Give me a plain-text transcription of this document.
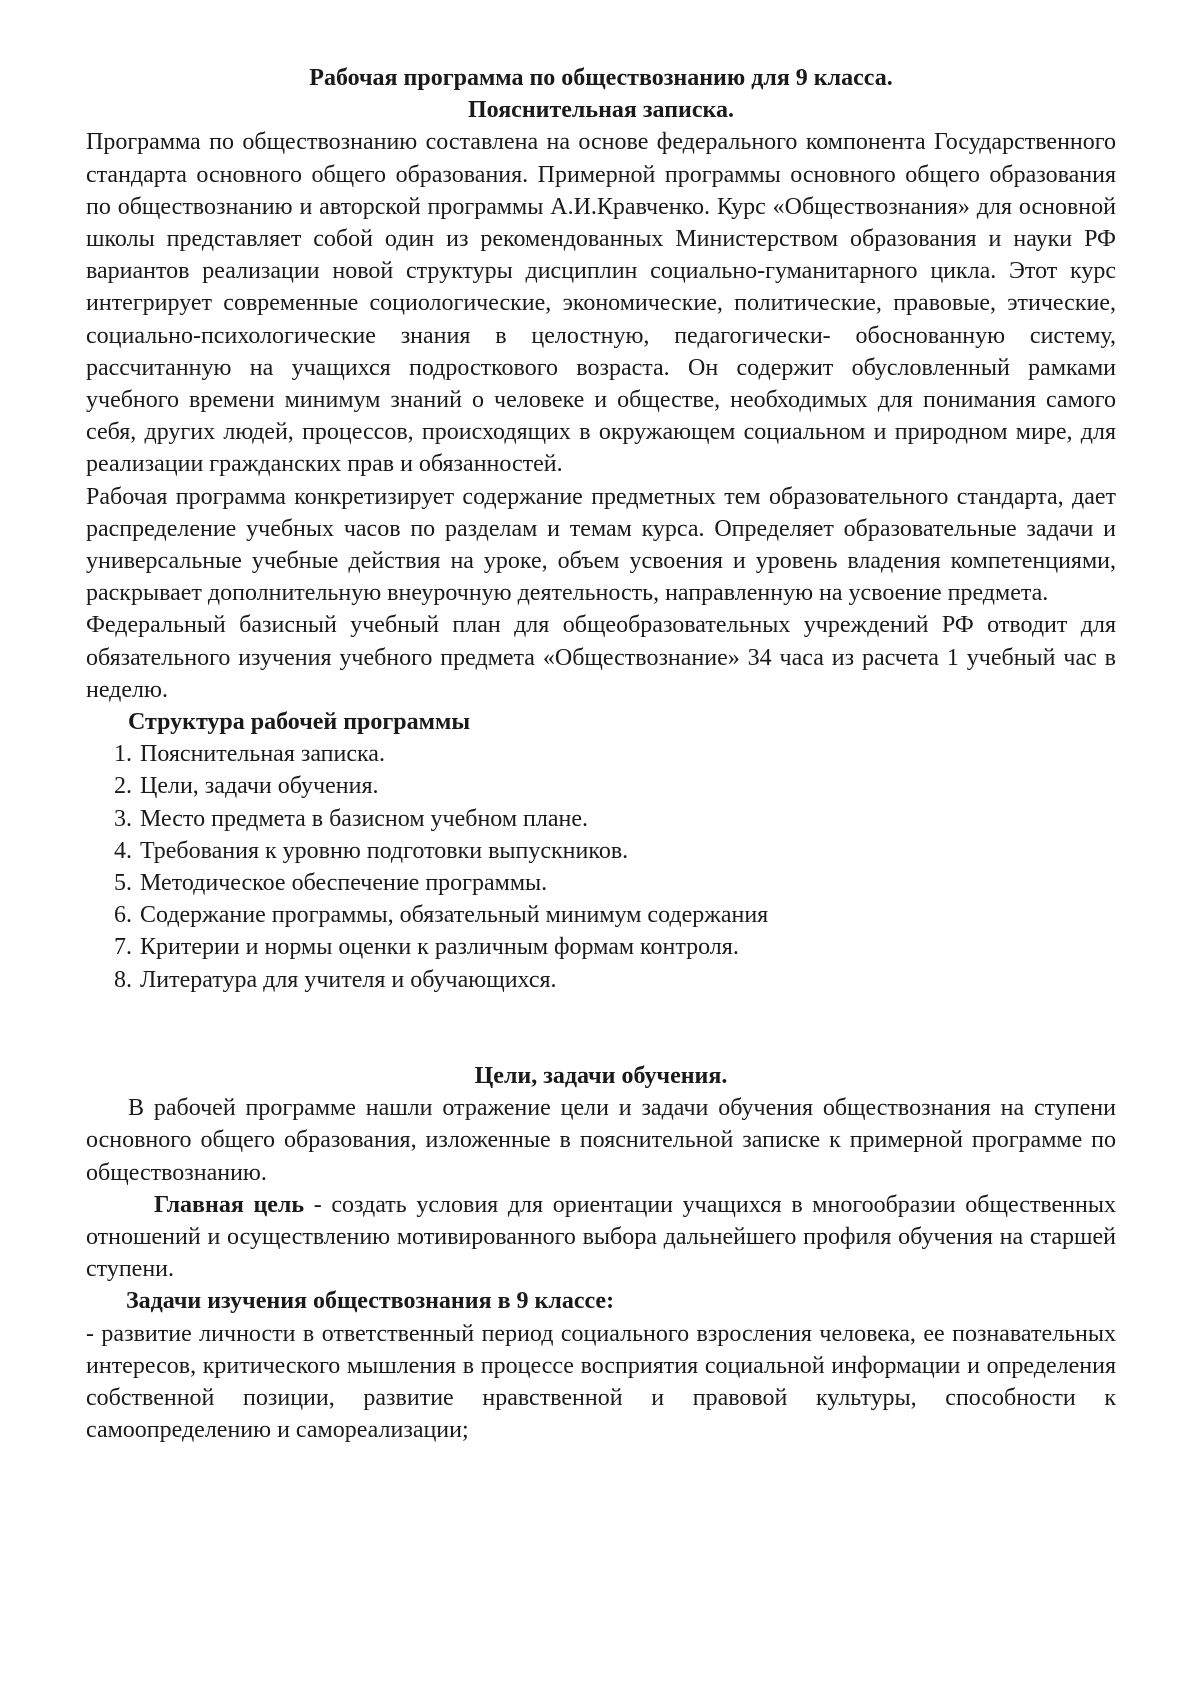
Рабочая программа по обществознанию для 9 класса.
Пояснительная записка.

Программа по обществознанию составлена на основе федерального компонента Государственного стандарта основного общего образования. Примерной программы основного общего образования по обществознанию и авторской программы А.И.Кравченко. Курс «Обществознания» для основной школы представляет собой один из рекомендованных Министерством образования и науки РФ вариантов реализации новой структуры дисциплин социально-гуманитарного цикла. Этот курс интегрирует современные социологические, экономические, политические, правовые, этические, социально-психологические знания в целостную, педагогически- обоснованную систему, рассчитанную на учащихся подросткового возраста. Он содержит обусловленный рамками учебного времени минимум знаний о человеке и обществе, необходимых для понимания самого себя, других людей, процессов, происходящих в окружающем социальном и природном мире, для реализации гражданских прав и обязанностей.

Рабочая программа конкретизирует содержание предметных тем образовательного стандарта, дает распределение учебных часов по разделам и темам курса. Определяет образовательные задачи и универсальные учебные действия на уроке, объем усвоения и уровень владения компетенциями, раскрывает дополнительную внеурочную деятельность, направленную на усвоение предмета.

Федеральный базисный учебный план для общеобразовательных учреждений РФ отводит для обязательного изучения учебного предмета «Обществознание» 34 часа из расчета 1 учебный час в неделю.

Структура рабочей программы

1. Пояснительная записка.
2. Цели, задачи обучения.
3. Место предмета в базисном учебном плане.
4. Требования к уровню подготовки выпускников.
5. Методическое обеспечение программы.
6. Содержание программы, обязательный минимум содержания
7. Критерии и нормы оценки к различным формам контроля.
8. Литература для учителя и обучающихся.
Цели, задачи обучения.

В рабочей программе нашли отражение цели и задачи обучения обществознания на ступени основного общего образования, изложенные в пояснительной записке к примерной программе по обществознанию.

Главная цель - создать условия для ориентации учащихся в многообразии общественных отношений и осуществлению мотивированного выбора дальнейшего профиля обучения на старшей ступени.

Задачи изучения обществознания в 9 классе:

- развитие личности в ответственный период социального взросления человека, ее познавательных интересов, критического мышления в процессе восприятия социальной информации и определения собственной позиции, развитие нравственной и правовой культуры, способности к самоопределению и самореализации;
